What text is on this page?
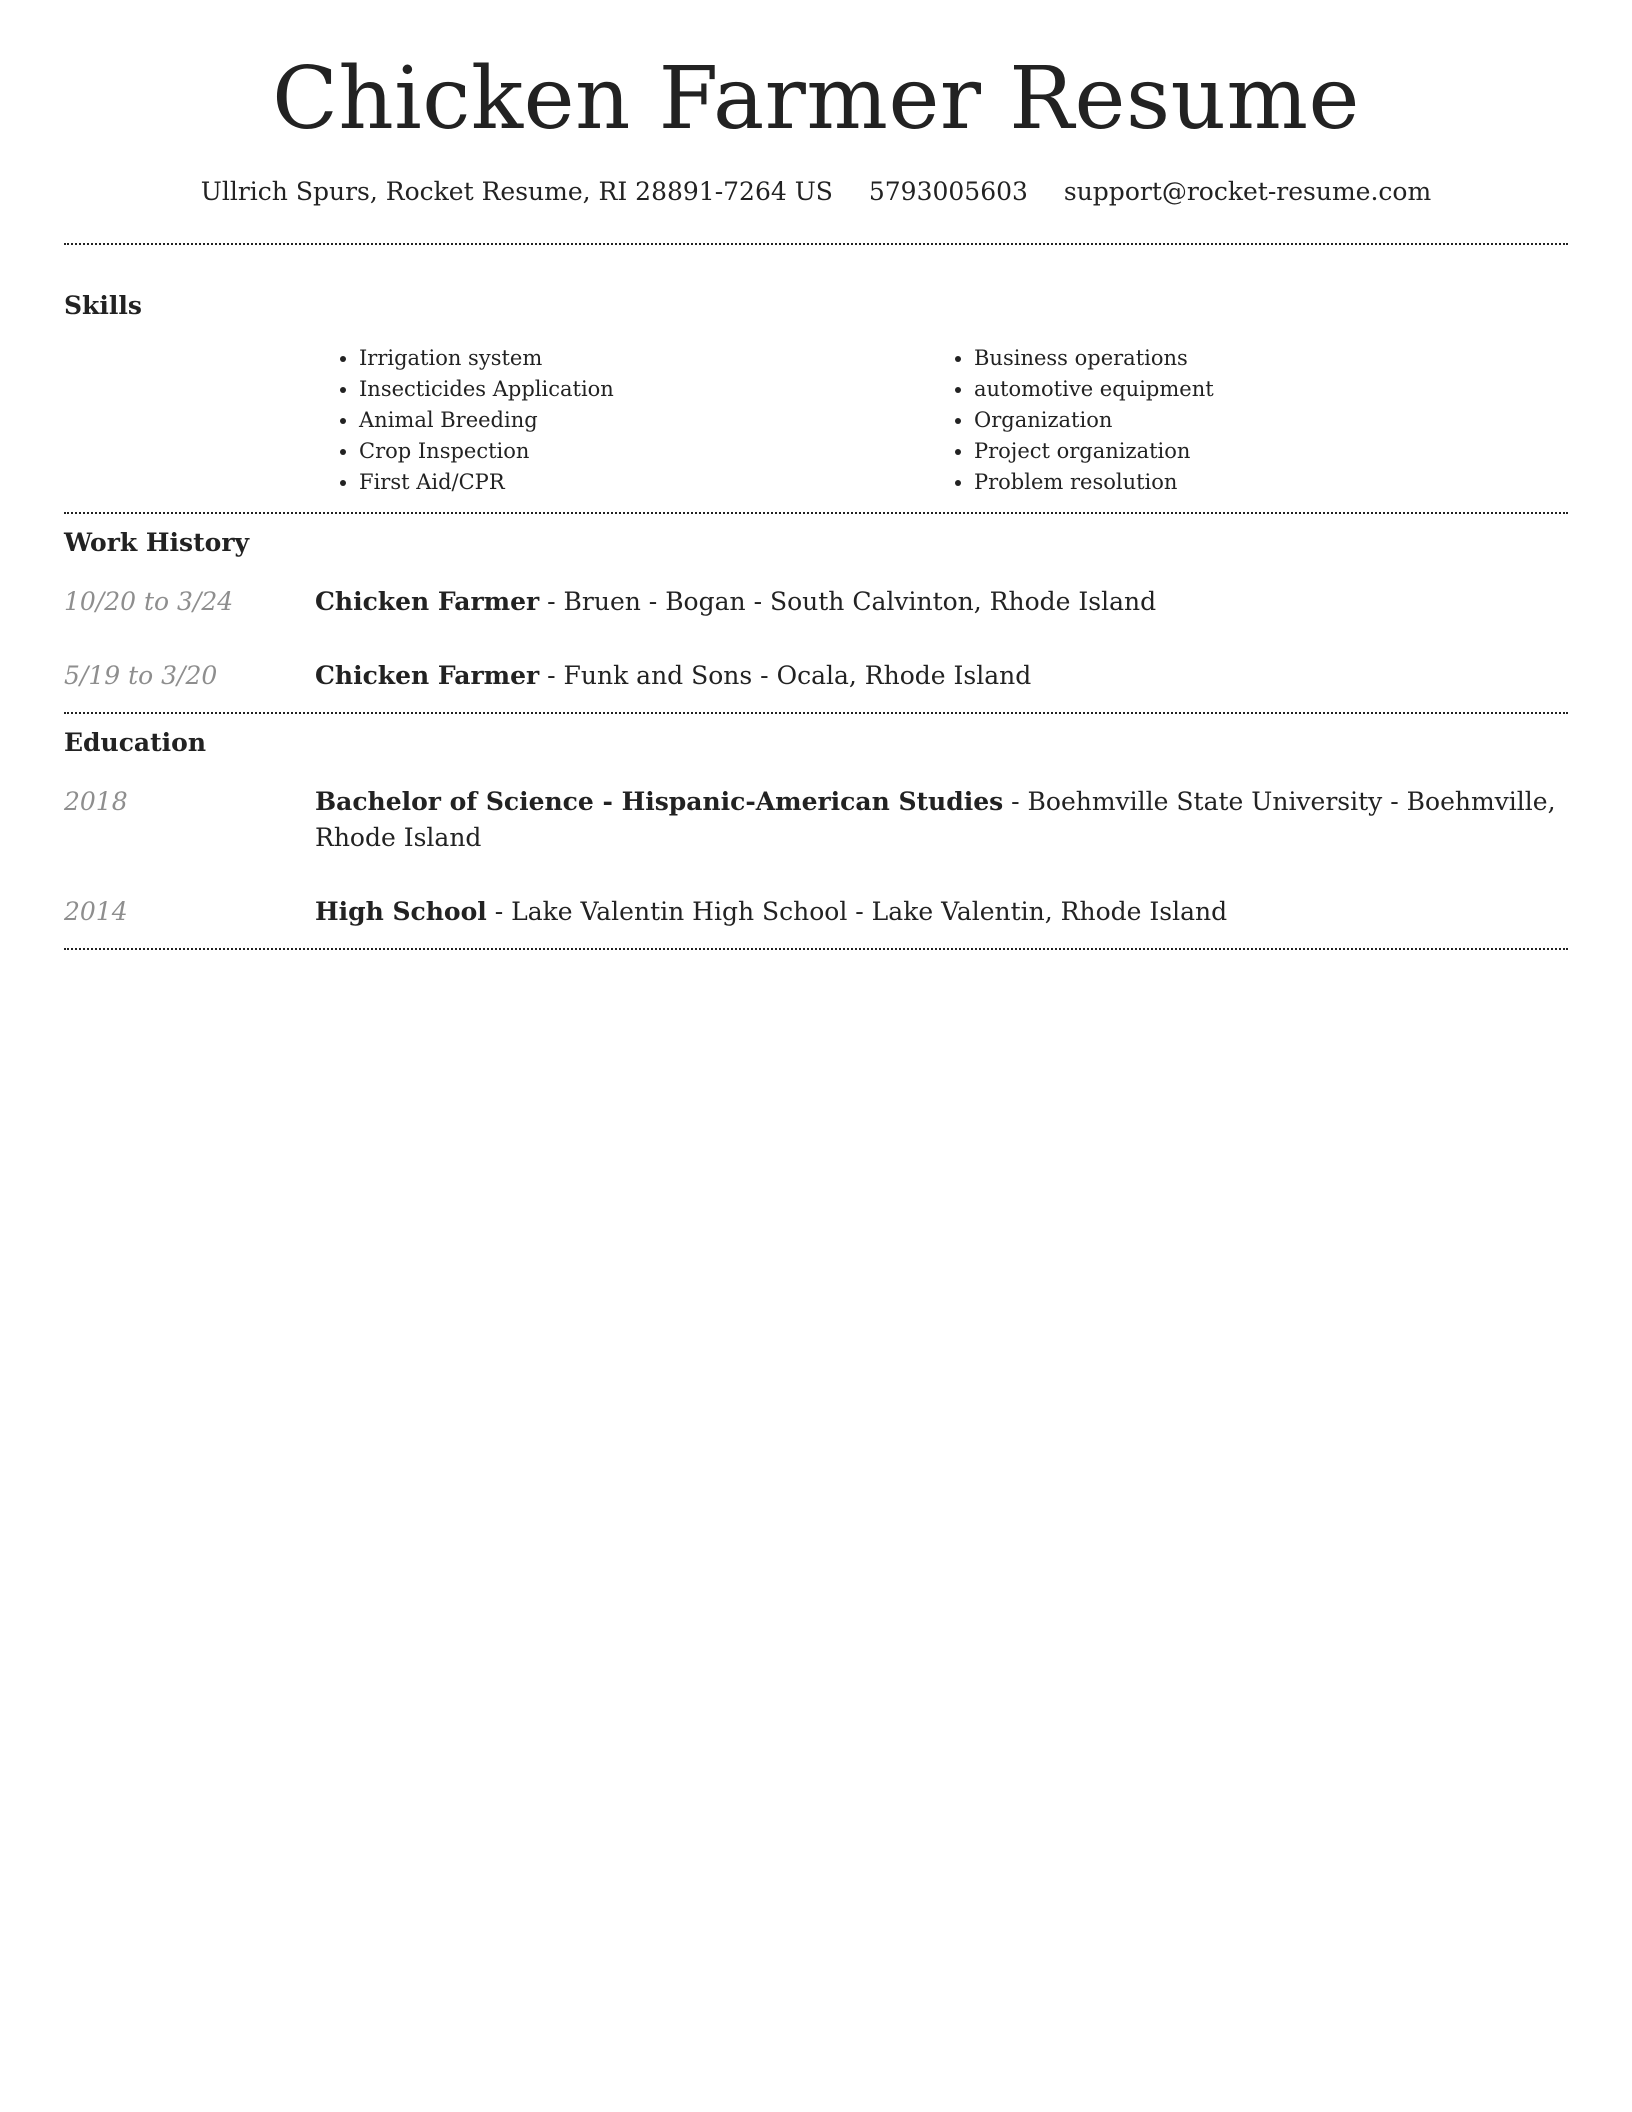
Chicken Farmer Resume
Ullrich Spurs, Rocket Resume, RI 28891-7264 US 5793005603 support@rocket-resume.com
Skills
• Irrigation system
• Insecticides Application
• Animal Breeding
• Crop Inspection
• First Aid/CPR
• Business operations
• automotive equipment
• Organization
• Project organization
• Problem resolution
Work History
10/20 to 3/24	Chicken Farmer - Bruen - Bogan - South Calvinton, Rhode Island
5/19 to 3/20	Chicken Farmer - Funk and Sons - Ocala, Rhode Island
Education
2018	Bachelor of Science - Hispanic-American Studies - Boehmville State University - Boehmville, Rhode Island
2014	High School - Lake Valentin High School - Lake Valentin, Rhode Island
